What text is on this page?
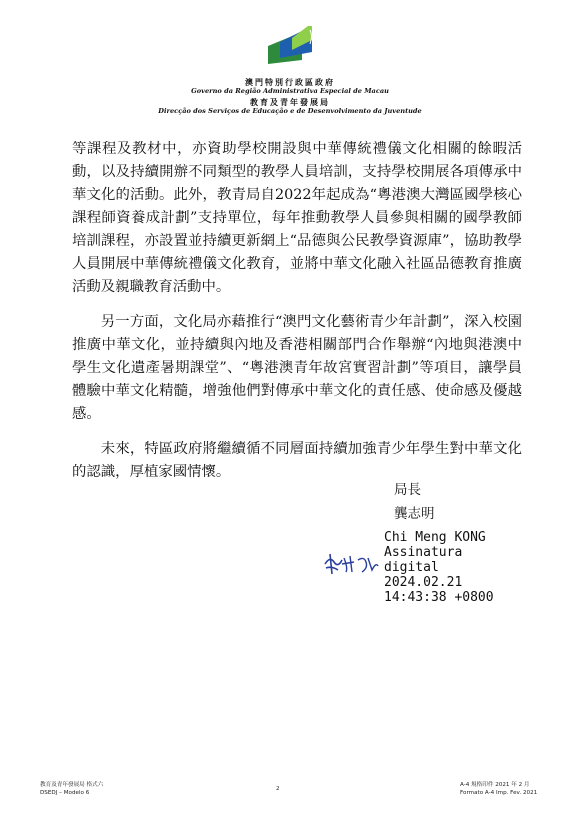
澳門特別行政區政府
Governo da Região Administrativa Especial de Macau
教育及青年發展局
Direcção dos Serviços de Educação e de Desenvolvimento da Juventude

等課程及教材中，亦資助學校開設與中華傳統禮儀文化相關的餘暇活動，以及持續開辦不同類型的教學人員培訓，支持學校開展各項傳承中華文化的活動。此外，教青局自2022年起成為“粵港澳大灣區國學核心課程師資養成計劃”支持單位，每年推動教學人員參與相關的國學教師培訓課程，亦設置並持續更新網上“品德與公民教學資源庫”，協助教學人員開展中華傳統禮儀文化教育，並將中華文化融入社區品德教育推廣活動及親職教育活動中。

另一方面，文化局亦藉推行“澳門文化藝術青少年計劃”，深入校園推廣中華文化，並持續與內地及香港相關部門合作舉辦“內地與港澳中學生文化遺產暑期課堂”、“粵港澳青年故宮實習計劃”等項目，讓學員體驗中華文化精髓，增強他們對傳承中華文化的責任感、使命感及優越感。

未來，特區政府將繼續循不同層面持續加強青少年學生對中華文化的認識，厚植家國情懷。

局長
龔志明
Chi Meng KONG
Assinatura
digital
2024.02.21
14:43:38 +0800
教育及青年發展局 格式六
DSEDJ – Modelo 6
2
A-4 規格印件 2021 年 2 月
Formato A-4 Imp. Fev. 2021
